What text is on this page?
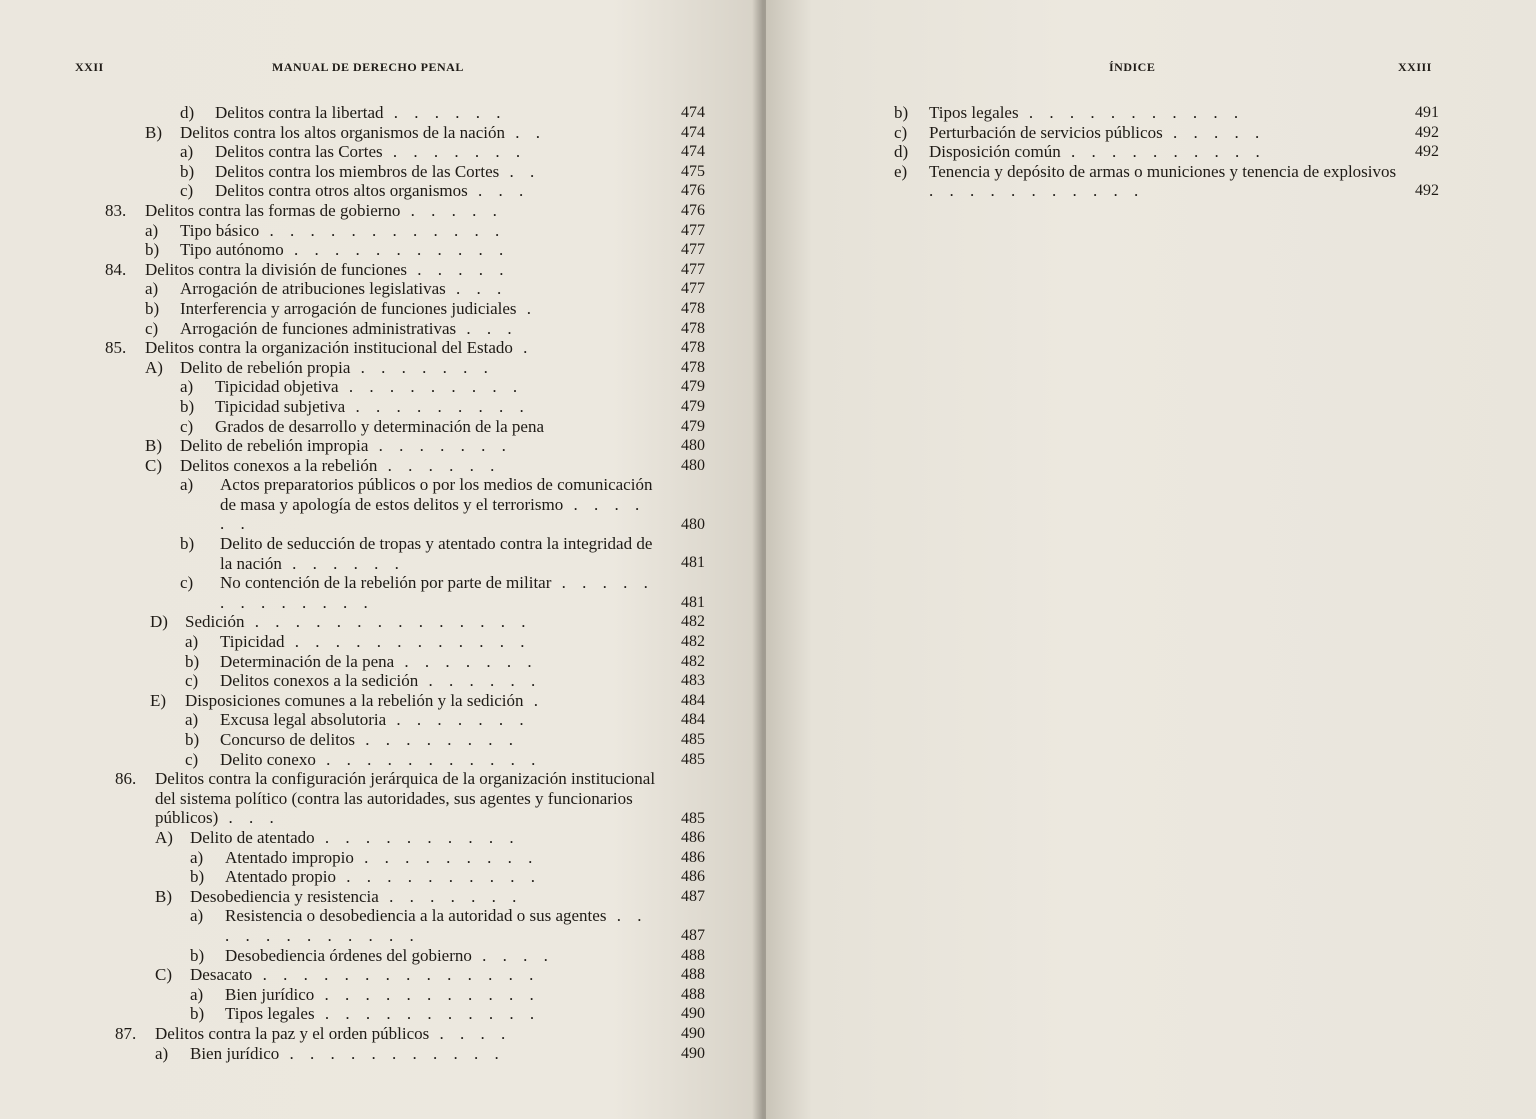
XXII	MANUAL DE DERECHO PENAL
d) Delitos contra la libertad . . . . . .	474
B) Delitos contra los altos organismos de la nación . .	474
a) Delitos contra las Cortes . . . . . . .	474
b) Delitos contra los miembros de las Cortes . .	475
c) Delitos contra otros altos organismos . . .	476
83. Delitos contra las formas de gobierno . . . . .	476
a) Tipo básico . . . . . . . . . . . .	477
b) Tipo autónomo . . . . . . . . . . .	477
84. Delitos contra la división de funciones . . . . .	477
a) Arrogación de atribuciones legislativas . . .	477
b) Interferencia y arrogación de funciones judiciales .	478
c) Arrogación de funciones administrativas . . .	478
85. Delitos contra la organización institucional del Estado .	478
A) Delito de rebelión propia . . . . . . .	478
a) Tipicidad objetiva . . . . . . . . .	479
b) Tipicidad subjetiva . . . . . . . . .	479
c) Grados de desarrollo y determinación de la pena	479
B) Delito de rebelión impropia . . . . . . .	480
C) Delitos conexos a la rebelión . . . . . .	480
a) Actos preparatorios públicos o por los medios de comunicación de masa y apología de estos delitos y el terrorismo . . . . . .	480
b) Delito de seducción de tropas y atentado contra la integridad de la nación . . . . . .	481
c) No contención de la rebelión por parte de militar . . . . . . . . . . . . .	481
D) Sedición . . . . . . . . . . . . . .	482
a) Tipicidad . . . . . . . . . . . .	482
b) Determinación de la pena . . . . . . .	482
c) Delitos conexos a la sedición . . . . . .	483
E) Disposiciones comunes a la rebelión y la sedición .	484
a) Excusa legal absolutoria . . . . . . .	484
b) Concurso de delitos . . . . . . . .	485
c) Delito conexo . . . . . . . . . . .	485
86. Delitos contra la configuración jerárquica de la organización institucional del sistema político (contra las autoridades, sus agentes y funcionarios públicos) . . .	485
A) Delito de atentado . . . . . . . . . .	486
a) Atentado impropio . . . . . . . . .	486
b) Atentado propio . . . . . . . . . .	486
B) Desobediencia y resistencia . . . . . . .	487
a) Resistencia o desobediencia a la autoridad o sus agentes . . . . . . . . . . . .	487
b) Desobediencia órdenes del gobierno . . . .	488
C) Desacato . . . . . . . . . . . . . .	488
a) Bien jurídico . . . . . . . . . . .	488
b) Tipos legales . . . . . . . . . . .	490
87. Delitos contra la paz y el orden públicos . . . .	490
a) Bien jurídico . . . . . . . . . . .	490
ÍNDICE	XXIII
b) Tipos legales . . . . . . . . . . .	491
c) Perturbación de servicios públicos . . . . .	492
d) Disposición común . . . . . . . . . .	492
e) Tenencia y depósito de armas o municiones y tenencia de explosivos . . . . . . . . . . .	492
